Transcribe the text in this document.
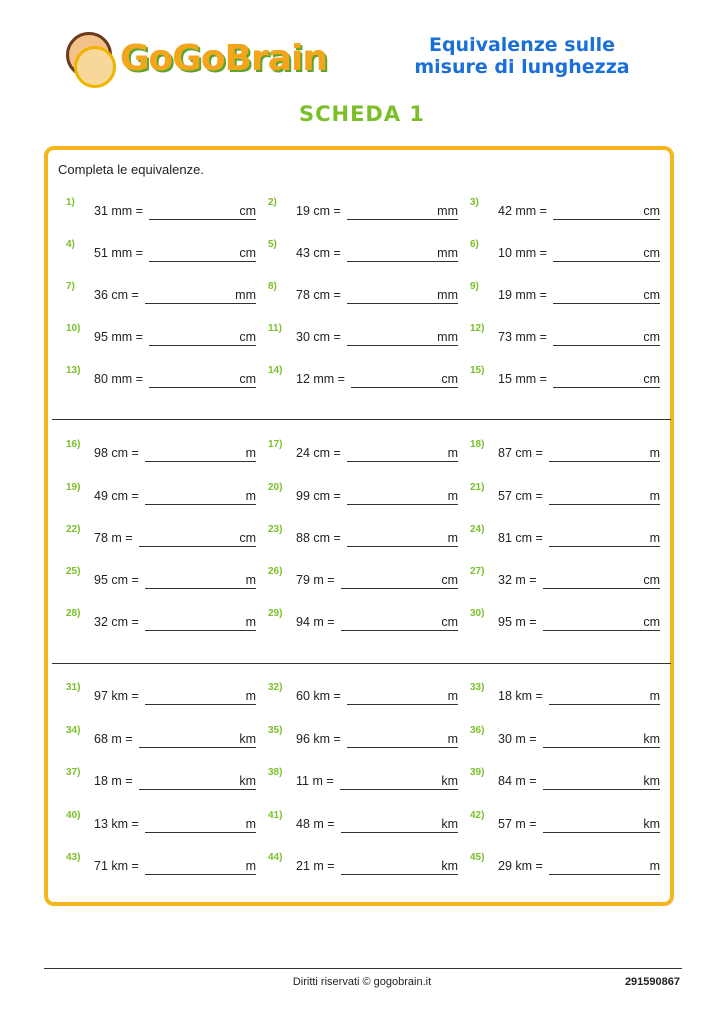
GoGoBrain	Equivalenze sulle
misure di lunghezza
SCHEDA 1
Completa le equivalenze.
1)
31 mm =	cm
2)
19 cm =	mm
3)
42 mm =	cm
4)
51 mm =	cm
5)
43 cm =	mm
6)
10 mm =	cm
7)
36 cm =	mm
8)
78 cm =	mm
9)
19 mm =	cm
10)
95 mm =	cm
11)
30 cm =	mm
12)
73 mm =	cm
13)
80 mm =	cm
14)
12 mm =	cm
15)
15 mm =	cm
16)
98 cm =	m
17)
24 cm =	m
18)
87 cm =	m
19)
49 cm =	m
20)
99 cm =	m
21)
57 cm =	m
22)
78 m =	cm
23)
88 cm =	m
24)
81 cm =	m
25)
95 cm =	m
26)
79 m =	cm
27)
32 m =	cm
28)
32 cm =	m
29)
94 m =	cm
30)
95 m =	cm
31)
97 km =	m
32)
60 km =	m
33)
18 km =	m
34)
68 m =	km
35)
96 km =	m
36)
30 m =	km
37)
18 m =	km
38)
11 m =	km
39)
84 m =	km
40)
13 km =	m
41)
48 m =	km
42)
57 m =	km
43)
71 km =	m
44)
21 m =	km
45)
29 km =	m
Diritti riservati © gogobrain.it	291590867
